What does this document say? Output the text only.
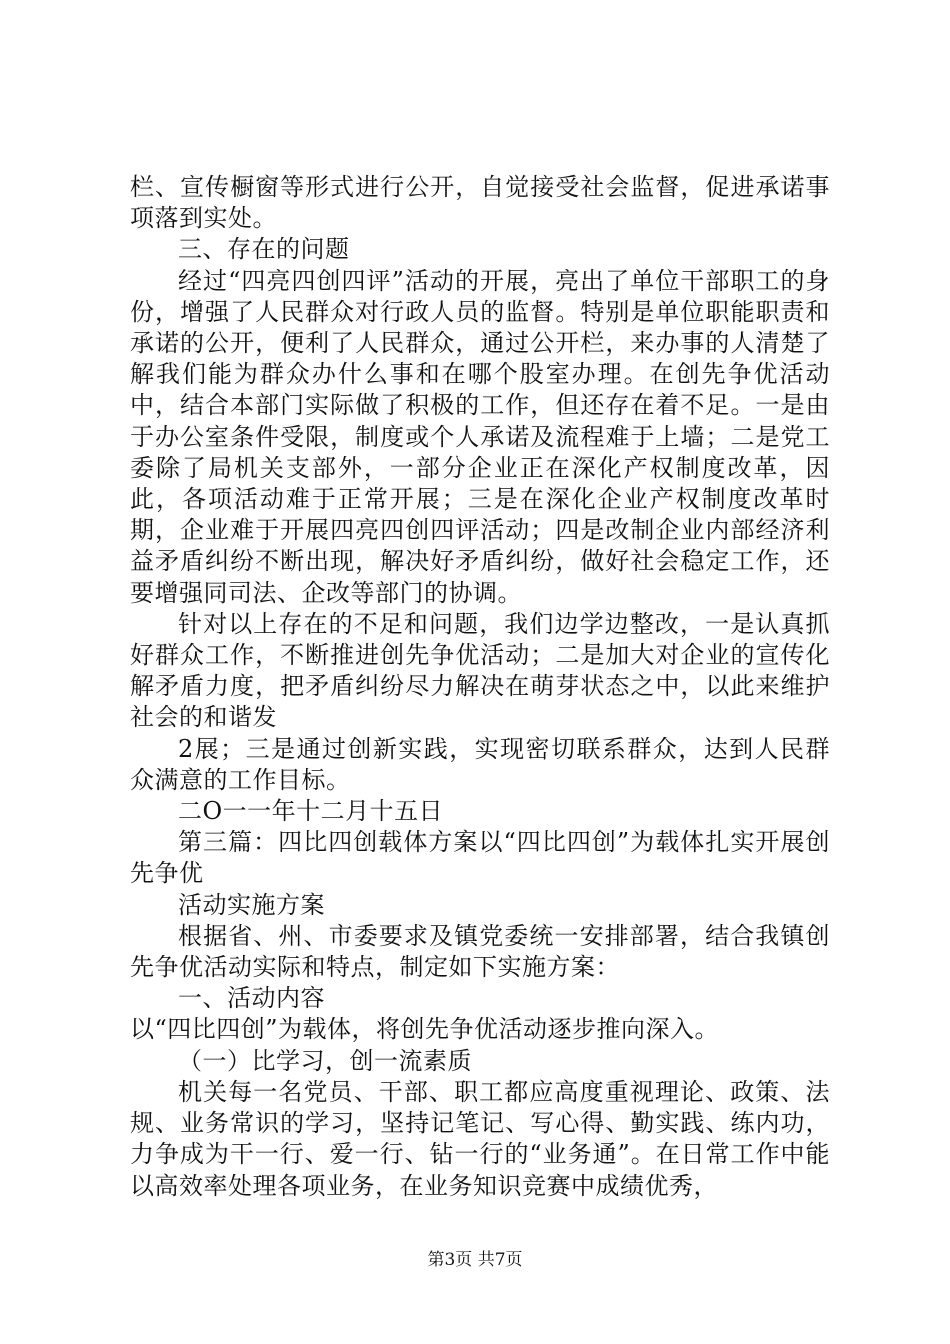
栏、宣传橱窗等形式进行公开，自觉接受社会监督，促进承诺事项落到实处。

三、存在的问题

经过“四亮四创四评”活动的开展，亮出了单位干部职工的身份，增强了人民群众对行政人员的监督。特别是单位职能职责和承诺的公开，便利了人民群众，通过公开栏，来办事的人清楚了解我们能为群众办什么事和在哪个股室办理。在创先争优活动中，结合本部门实际做了积极的工作，但还存在着不足。一是由于办公室条件受限，制度或个人承诺及流程难于上墙；二是党工委除了局机关支部外，一部分企业正在深化产权制度改革，因此，各项活动难于正常开展；三是在深化企业产权制度改革时期，企业难于开展四亮四创四评活动；四是改制企业内部经济利益矛盾纠纷不断出现，解决好矛盾纠纷，做好社会稳定工作，还要增强同司法、企改等部门的协调。

针对以上存在的不足和问题，我们边学边整改，一是认真抓好群众工作，不断推进创先争优活动；二是加大对企业的宣传化解矛盾力度，把矛盾纠纷尽力解决在萌芽状态之中，以此来维护社会的和谐发

2展；三是通过创新实践，实现密切联系群众，达到人民群众满意的工作目标。

二O一一年十二月十五日

第三篇：四比四创载体方案以“四比四创”为载体扎实开展创先争优

活动实施方案

根据省、州、市委要求及镇党委统一安排部署，结合我镇创先争优活动实际和特点，制定如下实施方案：

一、活动内容

以“四比四创”为载体，将创先争优活动逐步推向深入。

（一）比学习，创一流素质

机关每一名党员、干部、职工都应高度重视理论、政策、法规、业务常识的学习，坚持记笔记、写心得、勤实践、练内功，力争成为干一行、爱一行、钻一行的“业务通”。在日常工作中能以高效率处理各项业务，在业务知识竞赛中成绩优秀，

第3页 共7页
